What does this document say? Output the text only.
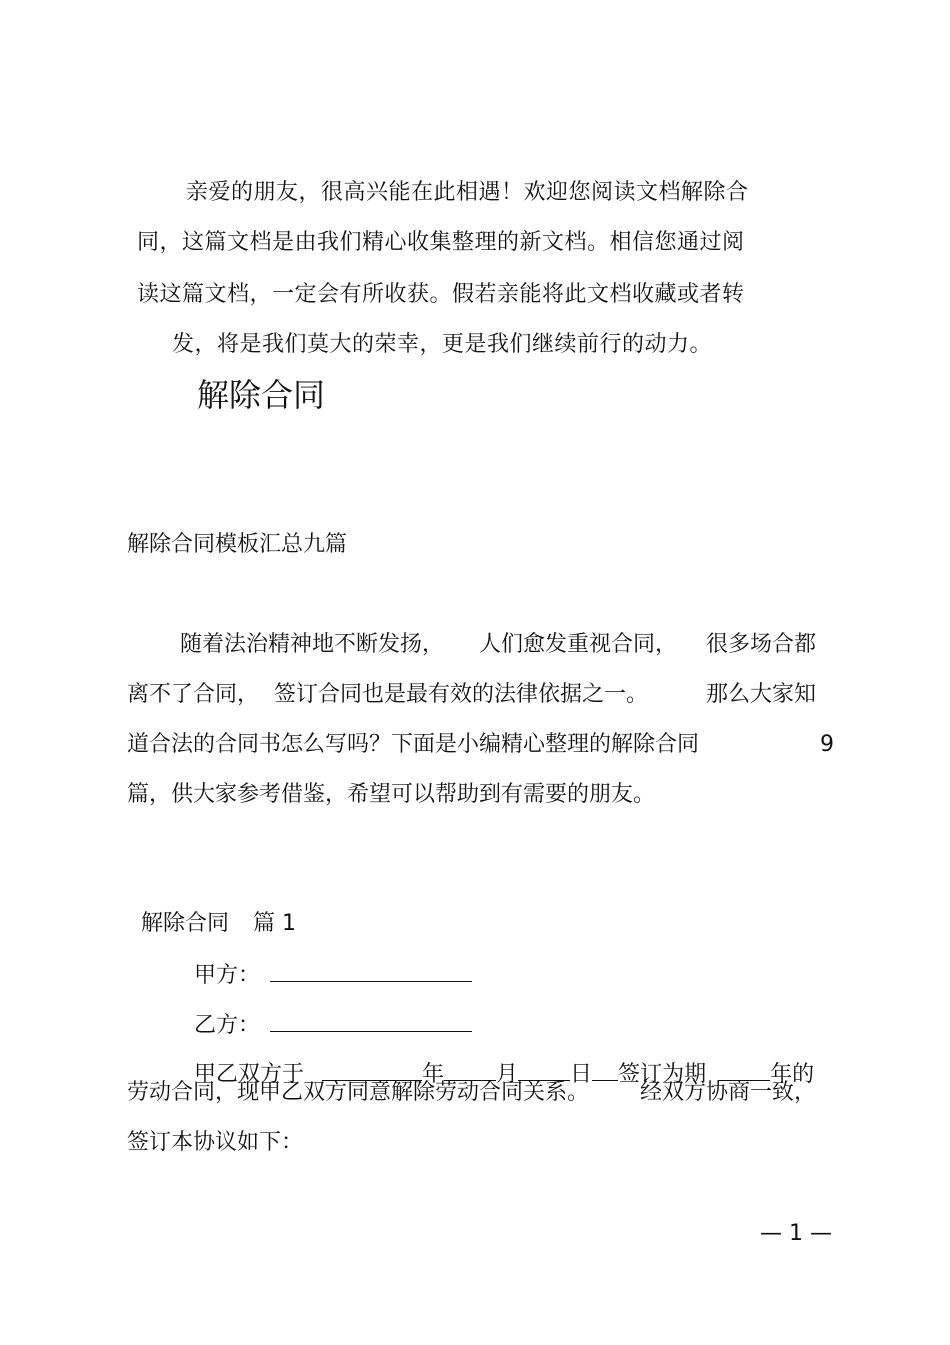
亲爱的朋友，很高兴能在此相遇！欢迎您阅读文档解除合
同，这篇文档是由我们精心收集整理的新文档。相信您通过阅
读这篇文档，一定会有所收获。假若亲能将此文档收藏或者转
发，将是我们莫大的荣幸，更是我们继续前行的动力。
解除合同
解除合同模板汇总九篇
随着法治精神地不断发扬， 人们愈发重视合同， 很多场合都
离不了合同， 签订合同也是最有效的法律依据之一。	那么大家知
道合法的合同书怎么写吗？下面是小编精心整理的解除合同	9
篇，供大家参考借鉴，希望可以帮助到有需要的朋友。

解除合同 篇 1

甲方：

乙方：

甲乙双方于	年 月 日 签订为期	年的

劳动合同，现甲乙双方同意解除劳动合同关系。 经双方协商一致，
签订本协议如下：
— 1 —
